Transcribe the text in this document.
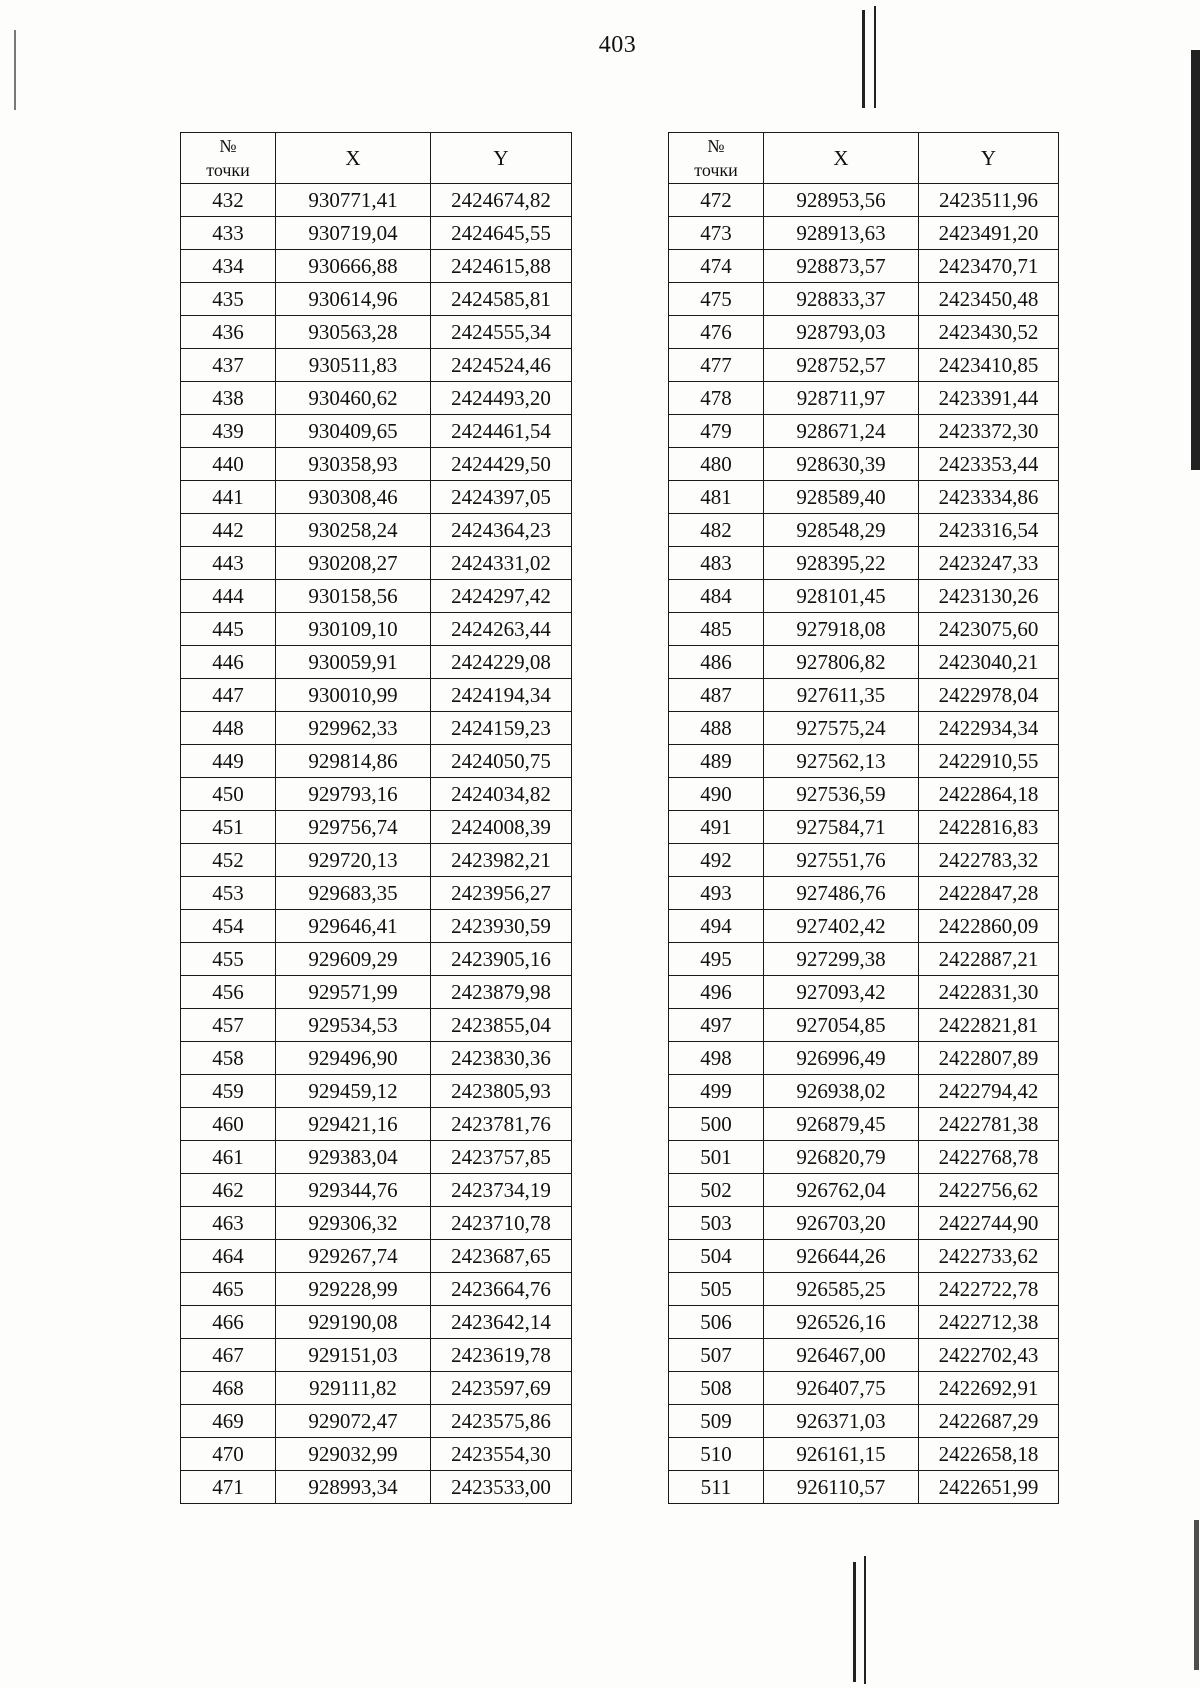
403
№
точки	X	Y
432	930771,41	2424674,82
433	930719,04	2424645,55
434	930666,88	2424615,88
435	930614,96	2424585,81
436	930563,28	2424555,34
437	930511,83	2424524,46
438	930460,62	2424493,20
439	930409,65	2424461,54
440	930358,93	2424429,50
441	930308,46	2424397,05
442	930258,24	2424364,23
443	930208,27	2424331,02
444	930158,56	2424297,42
445	930109,10	2424263,44
446	930059,91	2424229,08
447	930010,99	2424194,34
448	929962,33	2424159,23
449	929814,86	2424050,75
450	929793,16	2424034,82
451	929756,74	2424008,39
452	929720,13	2423982,21
453	929683,35	2423956,27
454	929646,41	2423930,59
455	929609,29	2423905,16
456	929571,99	2423879,98
457	929534,53	2423855,04
458	929496,90	2423830,36
459	929459,12	2423805,93
460	929421,16	2423781,76
461	929383,04	2423757,85
462	929344,76	2423734,19
463	929306,32	2423710,78
464	929267,74	2423687,65
465	929228,99	2423664,76
466	929190,08	2423642,14
467	929151,03	2423619,78
468	929111,82	2423597,69
469	929072,47	2423575,86
470	929032,99	2423554,30
471	928993,34	2423533,00
№
точки	X	Y
472	928953,56	2423511,96
473	928913,63	2423491,20
474	928873,57	2423470,71
475	928833,37	2423450,48
476	928793,03	2423430,52
477	928752,57	2423410,85
478	928711,97	2423391,44
479	928671,24	2423372,30
480	928630,39	2423353,44
481	928589,40	2423334,86
482	928548,29	2423316,54
483	928395,22	2423247,33
484	928101,45	2423130,26
485	927918,08	2423075,60
486	927806,82	2423040,21
487	927611,35	2422978,04
488	927575,24	2422934,34
489	927562,13	2422910,55
490	927536,59	2422864,18
491	927584,71	2422816,83
492	927551,76	2422783,32
493	927486,76	2422847,28
494	927402,42	2422860,09
495	927299,38	2422887,21
496	927093,42	2422831,30
497	927054,85	2422821,81
498	926996,49	2422807,89
499	926938,02	2422794,42
500	926879,45	2422781,38
501	926820,79	2422768,78
502	926762,04	2422756,62
503	926703,20	2422744,90
504	926644,26	2422733,62
505	926585,25	2422722,78
506	926526,16	2422712,38
507	926467,00	2422702,43
508	926407,75	2422692,91
509	926371,03	2422687,29
510	926161,15	2422658,18
511	926110,57	2422651,99
